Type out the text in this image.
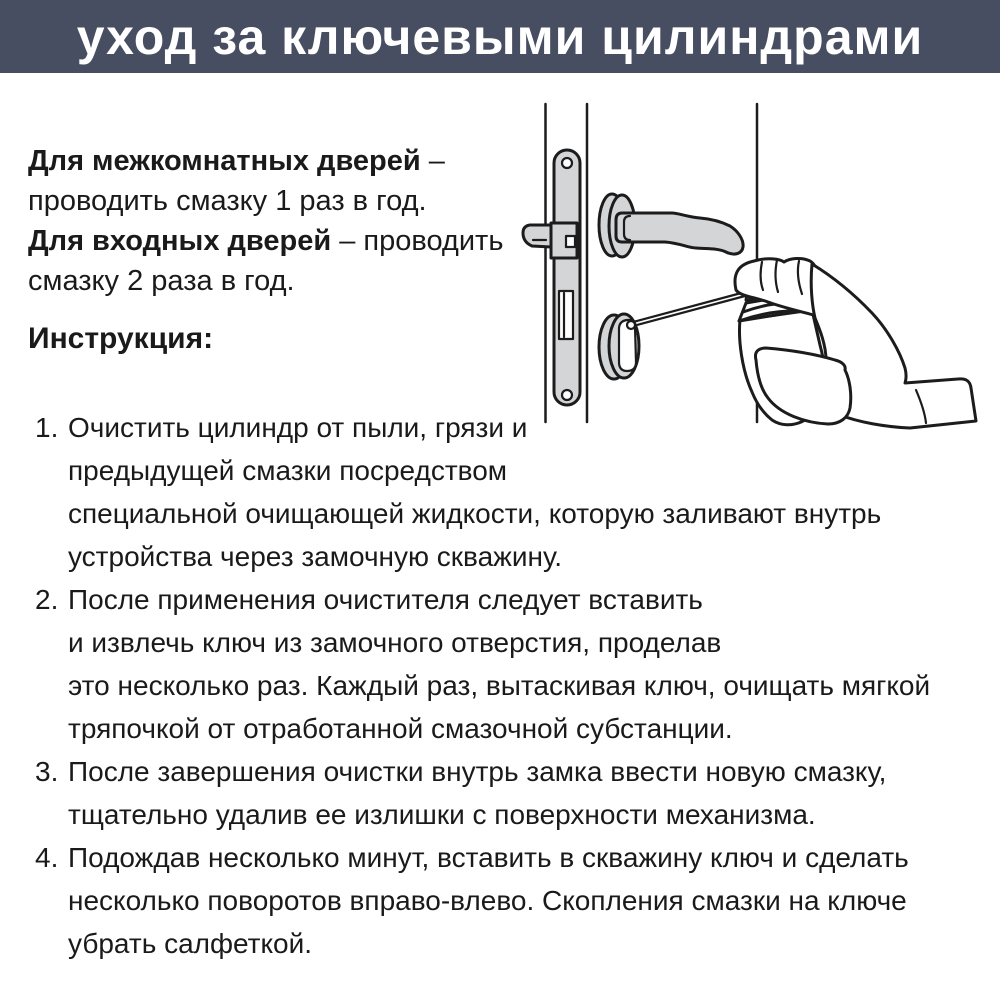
уход за ключевыми цилиндрами
Для межкомнатных дверей –
проводить смазку 1 раз в год.
Для входных дверей – проводить
смазку 2 раза в год.
Инструкция:
1. Очистить цилиндр от пыли, грязи и
предыдущей смазки посредством
специальной очищающей жидкости, которую заливают внутрь
устройства через замочную скважину.
2. После применения очистителя следует вставить
и извлечь ключ из замочного отверстия, проделав
это несколько раз. Каждый раз, вытаскивая ключ, очищать мягкой
тряпочкой от отработанной смазочной субстанции.
3. После завершения очистки внутрь замка ввести новую смазку,
тщательно удалив ее излишки с поверхности механизма.
4. Подождав несколько минут, вставить в скважину ключ и сделать
несколько поворотов вправо-влево. Скопления смазки на ключе
убрать салфеткой.
